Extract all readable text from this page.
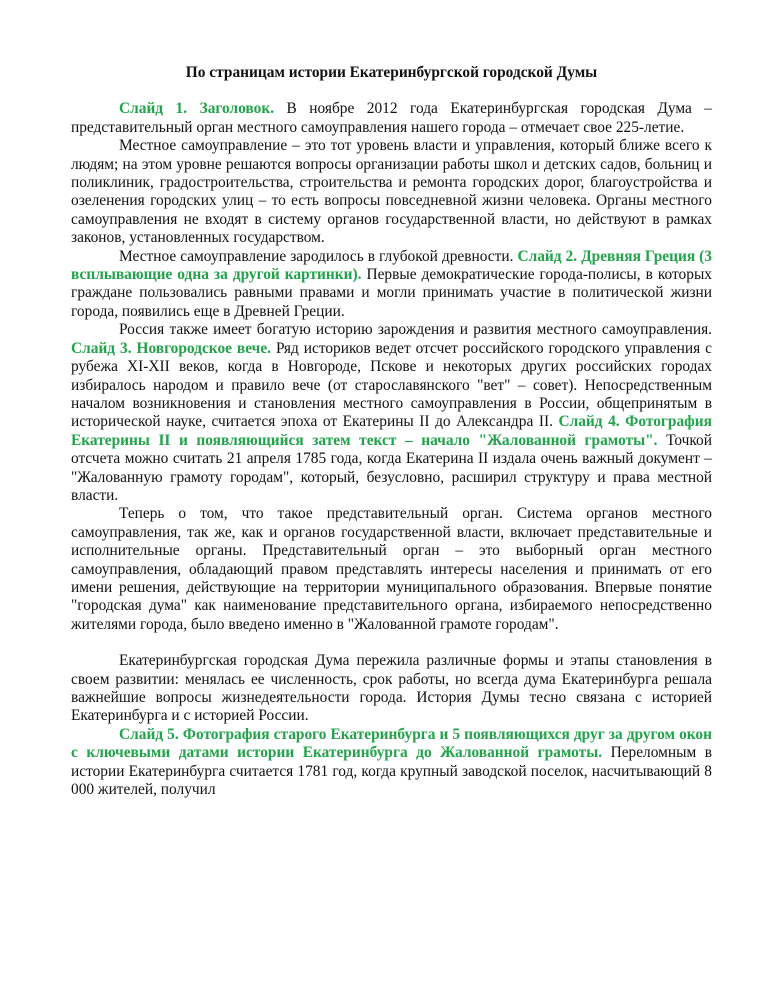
По страницам истории Екатеринбургской городской Думы

Слайд 1. Заголовок. В ноябре 2012 года Екатеринбургская городская Дума – представительный орган местного самоуправления нашего города – отмечает свое 225-летие.

Местное самоуправление – это тот уровень власти и управления, который ближе всего к людям; на этом уровне решаются вопросы организации работы школ и детских садов, больниц и поликлиник, градостроительства, строительства и ремонта городских дорог, благоустройства и озеленения городских улиц – то есть вопросы повседневной жизни человека. Органы местного самоуправления не входят в систему органов государственной власти, но действуют в рамках законов, установленных государством.

Местное самоуправление зародилось в глубокой древности. Слайд 2. Древняя Греция (3 всплывающие одна за другой картинки). Первые демократические города-полисы, в которых граждане пользовались равными правами и могли принимать участие в политической жизни города, появились еще в Древней Греции.

Россия также имеет богатую историю зарождения и развития местного самоуправления. Слайд 3. Новгородское вече. Ряд историков ведет отсчет российского городского управления с рубежа XI-XII веков, когда в Новгороде, Пскове и некоторых других российских городах избиралось народом и правило вече (от старославянского "вет" – совет). Непосредственным началом возникновения и становления местного самоуправления в России, общепринятым в исторической науке, считается эпоха от Екатерины II до Александра II. Слайд 4. Фотография Екатерины II и появляющийся затем текст – начало "Жалованной грамоты". Точкой отсчета можно считать 21 апреля 1785 года, когда Екатерина II издала очень важный документ – "Жалованную грамоту городам", который, безусловно, расширил структуру и права местной власти.

Теперь о том, что такое представительный орган. Система органов местного самоуправления, так же, как и органов государственной власти, включает представительные и исполнительные органы. Представительный орган – это выборный орган местного самоуправления, обладающий правом представлять интересы населения и принимать от его имени решения, действующие на территории муниципального образования. Впервые понятие "городская дума" как наименование представительного органа, избираемого непосредственно жителями города, было введено именно в "Жалованной грамоте городам".

Екатеринбургская городская Дума пережила различные формы и этапы становления в своем развитии: менялась ее численность, срок работы, но всегда дума Екатеринбурга решала важнейшие вопросы жизнедеятельности города. История Думы тесно связана с историей Екатеринбурга и с историей России.

Слайд 5. Фотография старого Екатеринбурга и 5 появляющихся друг за другом окон с ключевыми датами истории Екатеринбурга до Жалованной грамоты. Переломным в истории Екатеринбурга считается 1781 год, когда крупный заводской поселок, насчитывающий 8 000 жителей, получил
